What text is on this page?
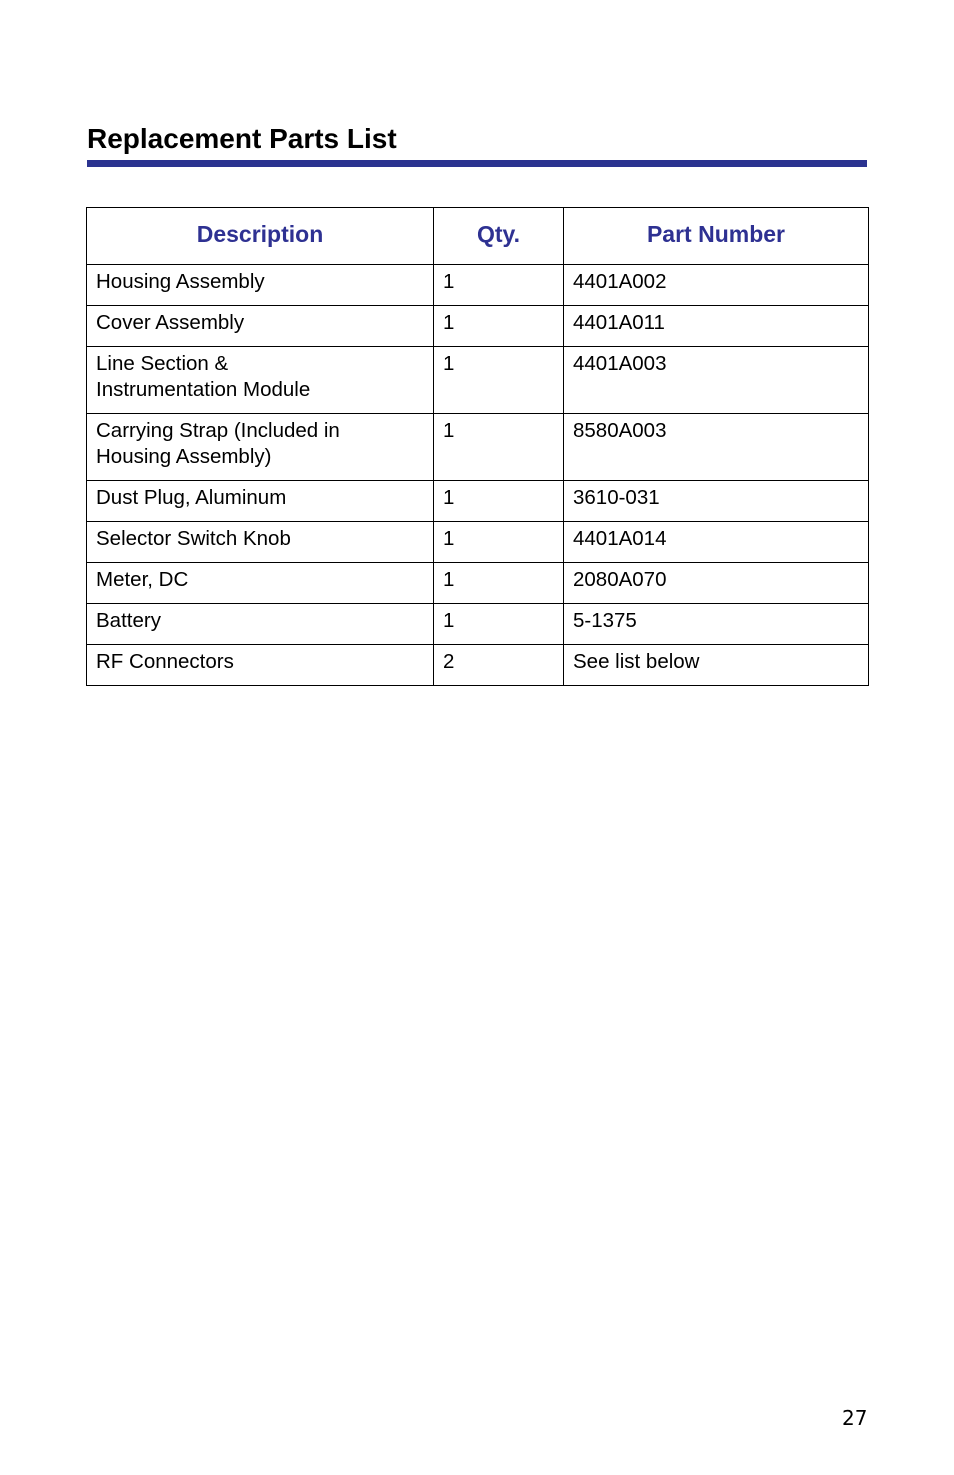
Replacement Parts List
Description	Qty.	Part Number
Housing Assembly	1	4401A002
Cover Assembly	1	4401A011
Line Section &
Instrumentation Module	1	4401A003
Carrying Strap (Included in
Housing Assembly)	1	8580A003
Dust Plug, Aluminum	1	3610-031
Selector Switch Knob	1	4401A014
Meter, DC	1	2080A070
Battery	1	5-1375
RF Connectors	2	See list below
27
